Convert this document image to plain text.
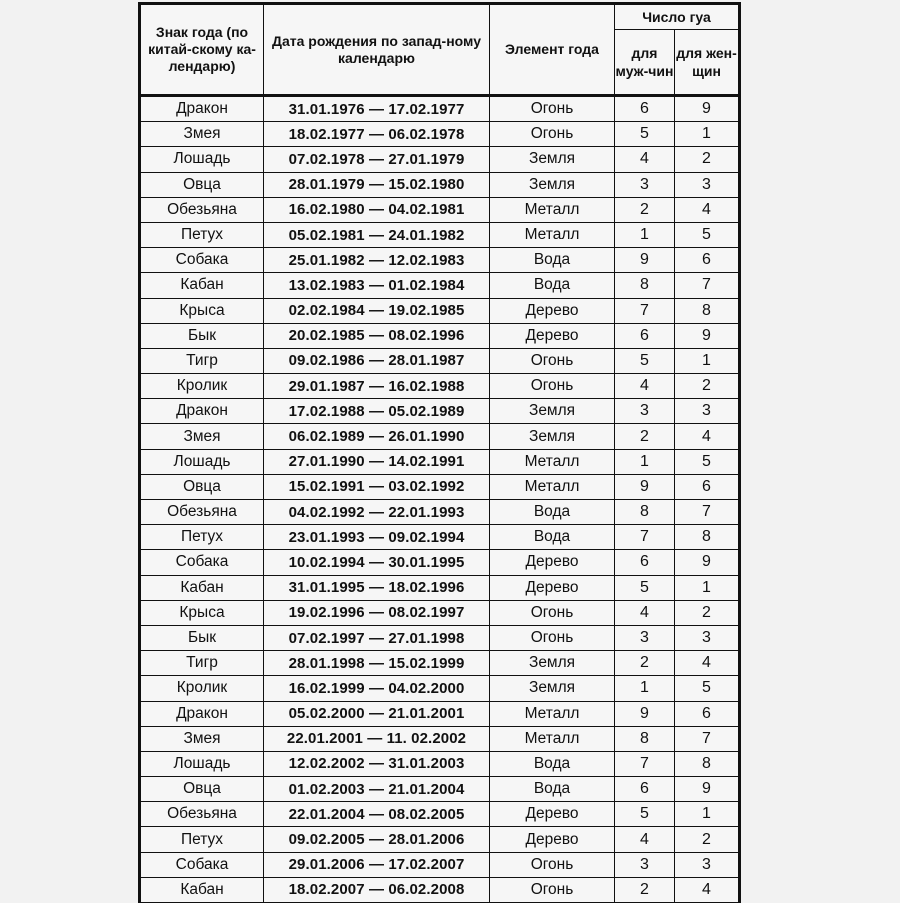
Знак года (по китай-скому ка-лендарю)	Дата рождения по запад-ному календарю	Элемент года	Число гуа	
			для муж-чин	для жен-щин
Дракон	31.01.1976 — 17.02.1977	Огонь	6	9
Змея	18.02.1977 — 06.02.1978	Огонь	5	1
Лошадь	07.02.1978 — 27.01.1979	Земля	4	2
Овца	28.01.1979 — 15.02.1980	Земля	3	3
Обезьяна	16.02.1980 — 04.02.1981	Металл	2	4
Петух	05.02.1981 — 24.01.1982	Металл	1	5
Собака	25.01.1982 — 12.02.1983	Вода	9	6
Кабан	13.02.1983 — 01.02.1984	Вода	8	7
Крыса	02.02.1984 — 19.02.1985	Дерево	7	8
Бык	20.02.1985 — 08.02.1996	Дерево	6	9
Тигр	09.02.1986 — 28.01.1987	Огонь	5	1
Кролик	29.01.1987 — 16.02.1988	Огонь	4	2
Дракон	17.02.1988 — 05.02.1989	Земля	3	3
Змея	06.02.1989 — 26.01.1990	Земля	2	4
Лошадь	27.01.1990 — 14.02.1991	Металл	1	5
Овца	15.02.1991 — 03.02.1992	Металл	9	6
Обезьяна	04.02.1992 — 22.01.1993	Вода	8	7
Петух	23.01.1993 — 09.02.1994	Вода	7	8
Собака	10.02.1994 — 30.01.1995	Дерево	6	9
Кабан	31.01.1995 — 18.02.1996	Дерево	5	1
Крыса	19.02.1996 — 08.02.1997	Огонь	4	2
Бык	07.02.1997 — 27.01.1998	Огонь	3	3
Тигр	28.01.1998 — 15.02.1999	Земля	2	4
Кролик	16.02.1999 — 04.02.2000	Земля	1	5
Дракон	05.02.2000 — 21.01.2001	Металл	9	6
Змея	22.01.2001 — 11. 02.2002	Металл	8	7
Лошадь	12.02.2002 — 31.01.2003	Вода	7	8
Овца	01.02.2003 — 21.01.2004	Вода	6	9
Обезьяна	22.01.2004 — 08.02.2005	Дерево	5	1
Петух	09.02.2005 — 28.01.2006	Дерево	4	2
Собака	29.01.2006 — 17.02.2007	Огонь	3	3
Кабан	18.02.2007 — 06.02.2008	Огонь	2	4
